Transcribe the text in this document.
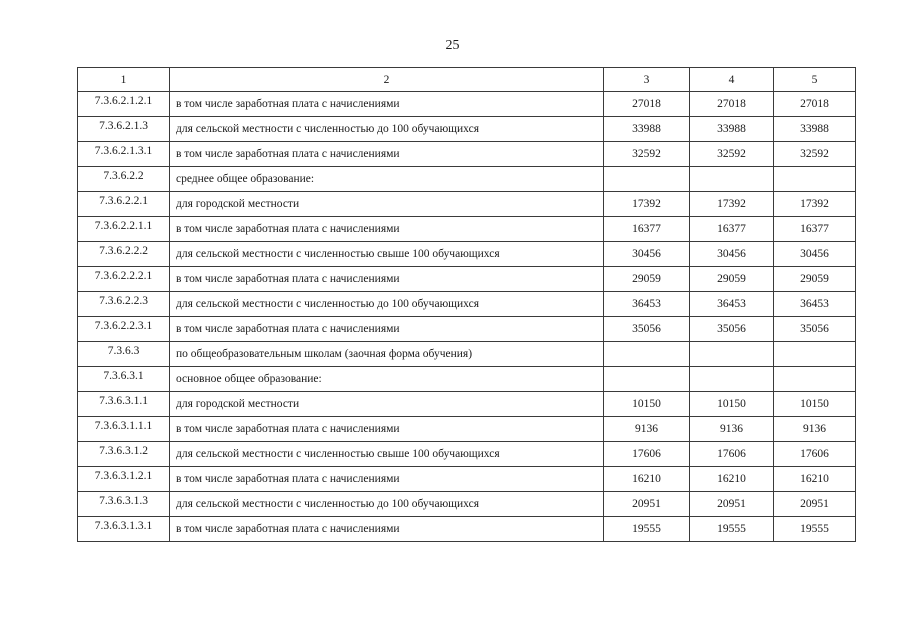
25
1	2	3	4	5
7.3.6.2.1.2.1	в том числе заработная плата с начислениями	27018	27018	27018
7.3.6.2.1.3	для сельской местности с численностью до 100 обучающихся	33988	33988	33988
7.3.6.2.1.3.1	в том числе заработная плата с начислениями	32592	32592	32592
7.3.6.2.2	среднее общее образование:			
7.3.6.2.2.1	для городской местности	17392	17392	17392
7.3.6.2.2.1.1	в том числе заработная плата с начислениями	16377	16377	16377
7.3.6.2.2.2	для сельской местности с численностью свыше 100 обучающихся	30456	30456	30456
7.3.6.2.2.2.1	в том числе заработная плата с начислениями	29059	29059	29059
7.3.6.2.2.3	для сельской местности с численностью до 100 обучающихся	36453	36453	36453
7.3.6.2.2.3.1	в том числе заработная плата с начислениями	35056	35056	35056
7.3.6.3	по общеобразовательным школам (заочная форма обучения)			
7.3.6.3.1	основное общее образование:			
7.3.6.3.1.1	для городской местности	10150	10150	10150
7.3.6.3.1.1.1	в том числе заработная плата с начислениями	9136	9136	9136
7.3.6.3.1.2	для сельской местности с численностью свыше 100 обучающихся	17606	17606	17606
7.3.6.3.1.2.1	в том числе заработная плата с начислениями	16210	16210	16210
7.3.6.3.1.3	для сельской местности с численностью до 100 обучающихся	20951	20951	20951
7.3.6.3.1.3.1	в том числе заработная плата с начислениями	19555	19555	19555
